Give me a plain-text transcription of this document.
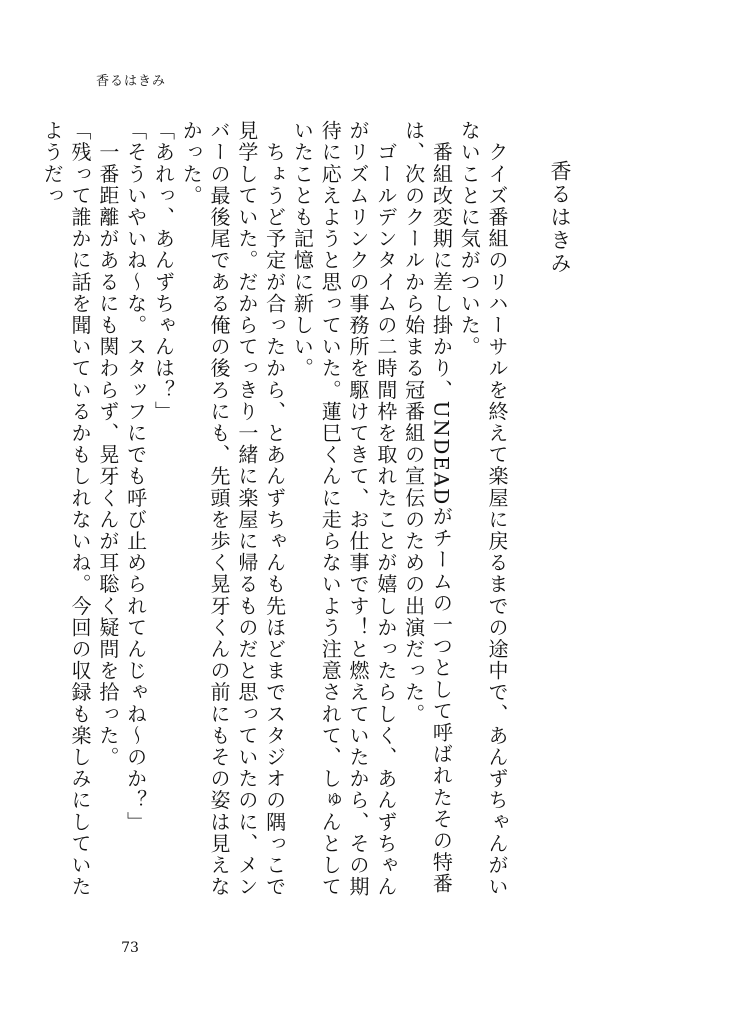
香るはきみ
香るはきみ

　クイズ番組のリハーサルを終えて楽屋に戻るまでの途中で、あんずちゃんがいないことに気がついた。

　番組改変期に差し掛かり、UNDEADがチームの一つとして呼ばれたその特番は、次のクールから始まる冠番組の宣伝のための出演だった。

　ゴールデンタイムの二時間枠を取れたことが嬉しかったらしく、あんずちゃんがリズムリンクの事務所を駆けてきて、お仕事です！と燃えていたから、その期待に応えようと思っていた。蓮巳くんに走らないよう注意されて、しゅんとしていたことも記憶に新しい。

　ちょうど予定が合ったから、とあんずちゃんも先ほどまでスタジオの隅っこで見学していた。だからてっきり一緒に楽屋に帰るものだと思っていたのに、メンバーの最後尾である俺の後ろにも、先頭を歩く晃牙くんの前にもその姿は見えなかった。

「あれっ、あんずちゃんは？」

「そういやいね〜な。スタッフにでも呼び止められてんじゃね〜のか？」

　一番距離があるにも関わらず、晃牙くんが耳聡く疑問を拾った。

「残って誰かに話を聞いているかもしれないね。今回の収録も楽しみにしていたようだっ

73
